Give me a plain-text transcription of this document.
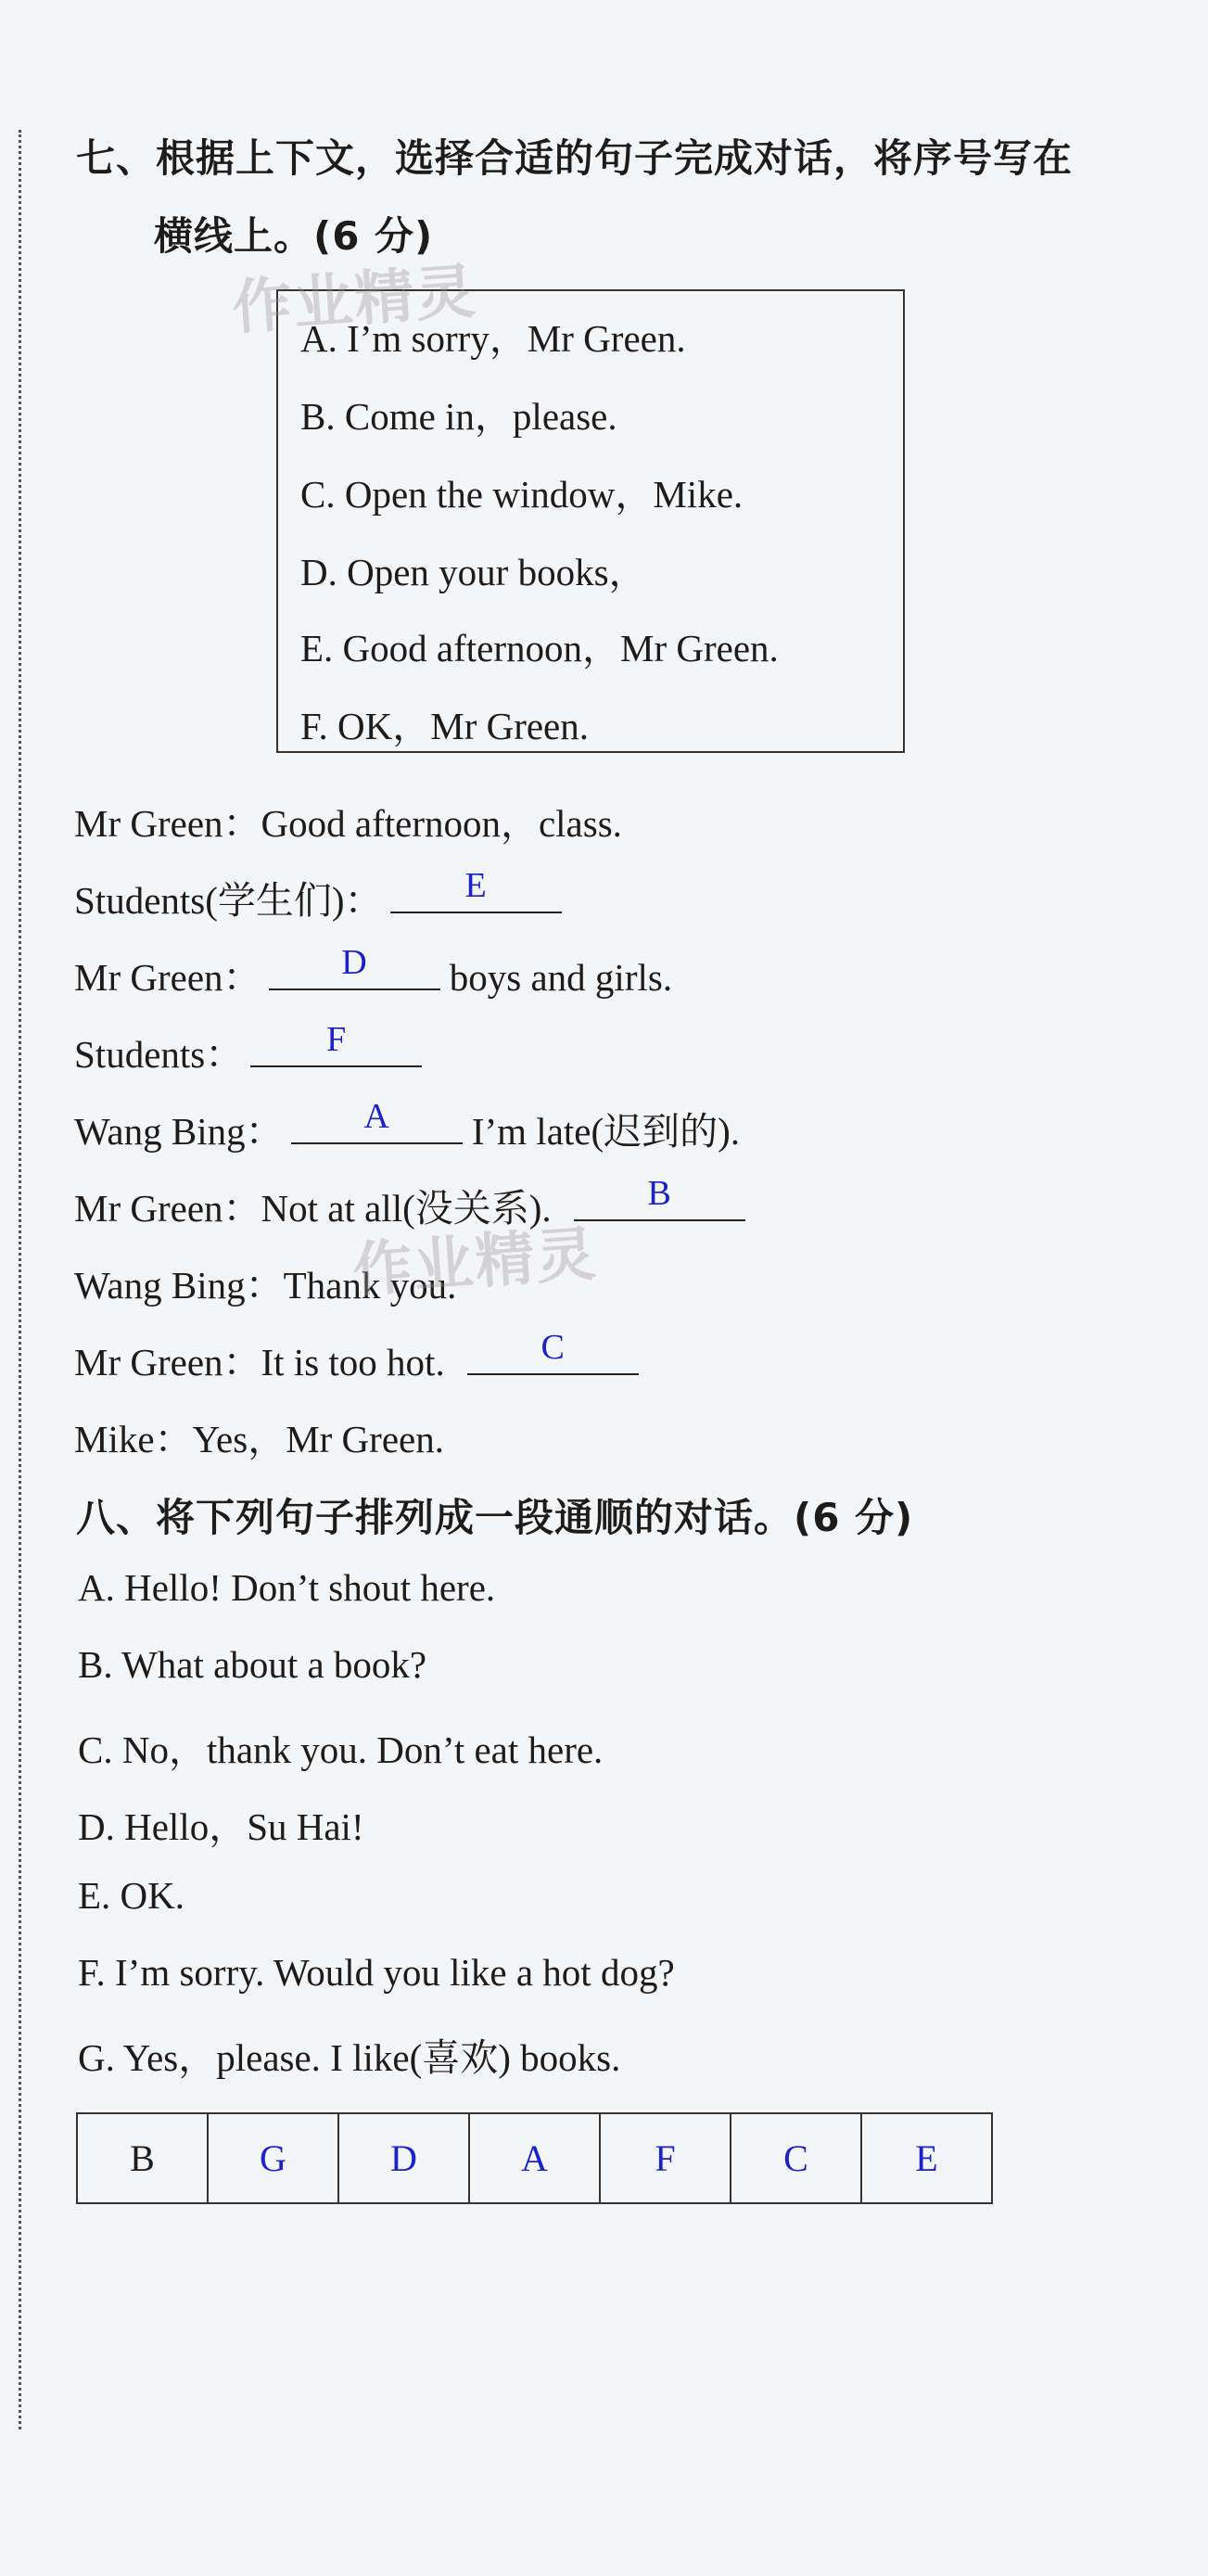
七、根据上下文，选择合适的句子完成对话，将序号写在
横线上。(6 分)
A. I’m sorry，Mr Green.
B. Come in，please.
C. Open the window，Mike.
D. Open your books，
E. Good afternoon，Mr Green.
F. OK，Mr Green.
Mr Green：Good afternoon，class.
Students(学生们)：	E
Mr Green：	D	boys and girls.
Students：	F
Wang Bing：	A	I’m late(迟到的).
Mr Green：Not at all(没关系).	B
Wang Bing：Thank you.
Mr Green：It is too hot.	C
Mike：Yes，Mr Green.
八、将下列句子排列成一段通顺的对话。(6 分)
A. Hello! Don’t shout here.
B. What about a book?
C. No，thank you. Don’t eat here.
D. Hello，Su Hai!
E. OK.
F. I’m sorry. Would you like a hot dog?
G. Yes，please. I like(喜欢) books.
B	G	D	A	F	C	E
作业精灵
作业精灵
